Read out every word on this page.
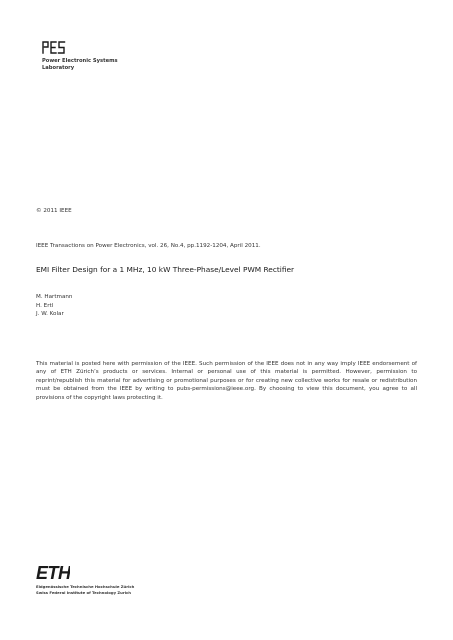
Power Electronic Systems
Laboratory
© 2011 IEEE
IEEE Transactions on Power Electronics, vol. 26, No.4, pp.1192-1204, April 2011.
EMI Filter Design for a 1 MHz, 10 kW Three-Phase/Level PWM Rectifier
M. Hartmann
H. Ertl
J. W. Kolar
This material is posted here with permission of the IEEE. Such permission of the IEEE does not in any way imply IEEE endorsement of any of ETH Zürich’s products or services. Internal or personal use of this material is permitted. However, permission to reprint/republish this material for advertising or promotional purposes or for creating new collective works for resale or redistribution must be obtained from the IEEE by writing to pubs-permissions@ieee.org. By choosing to view this document, you agree to all provisions of the copyright laws protecting it.
ETH
Eidgenössische Technische Hochschule Zürich
Swiss Federal Institute of Technology Zurich
